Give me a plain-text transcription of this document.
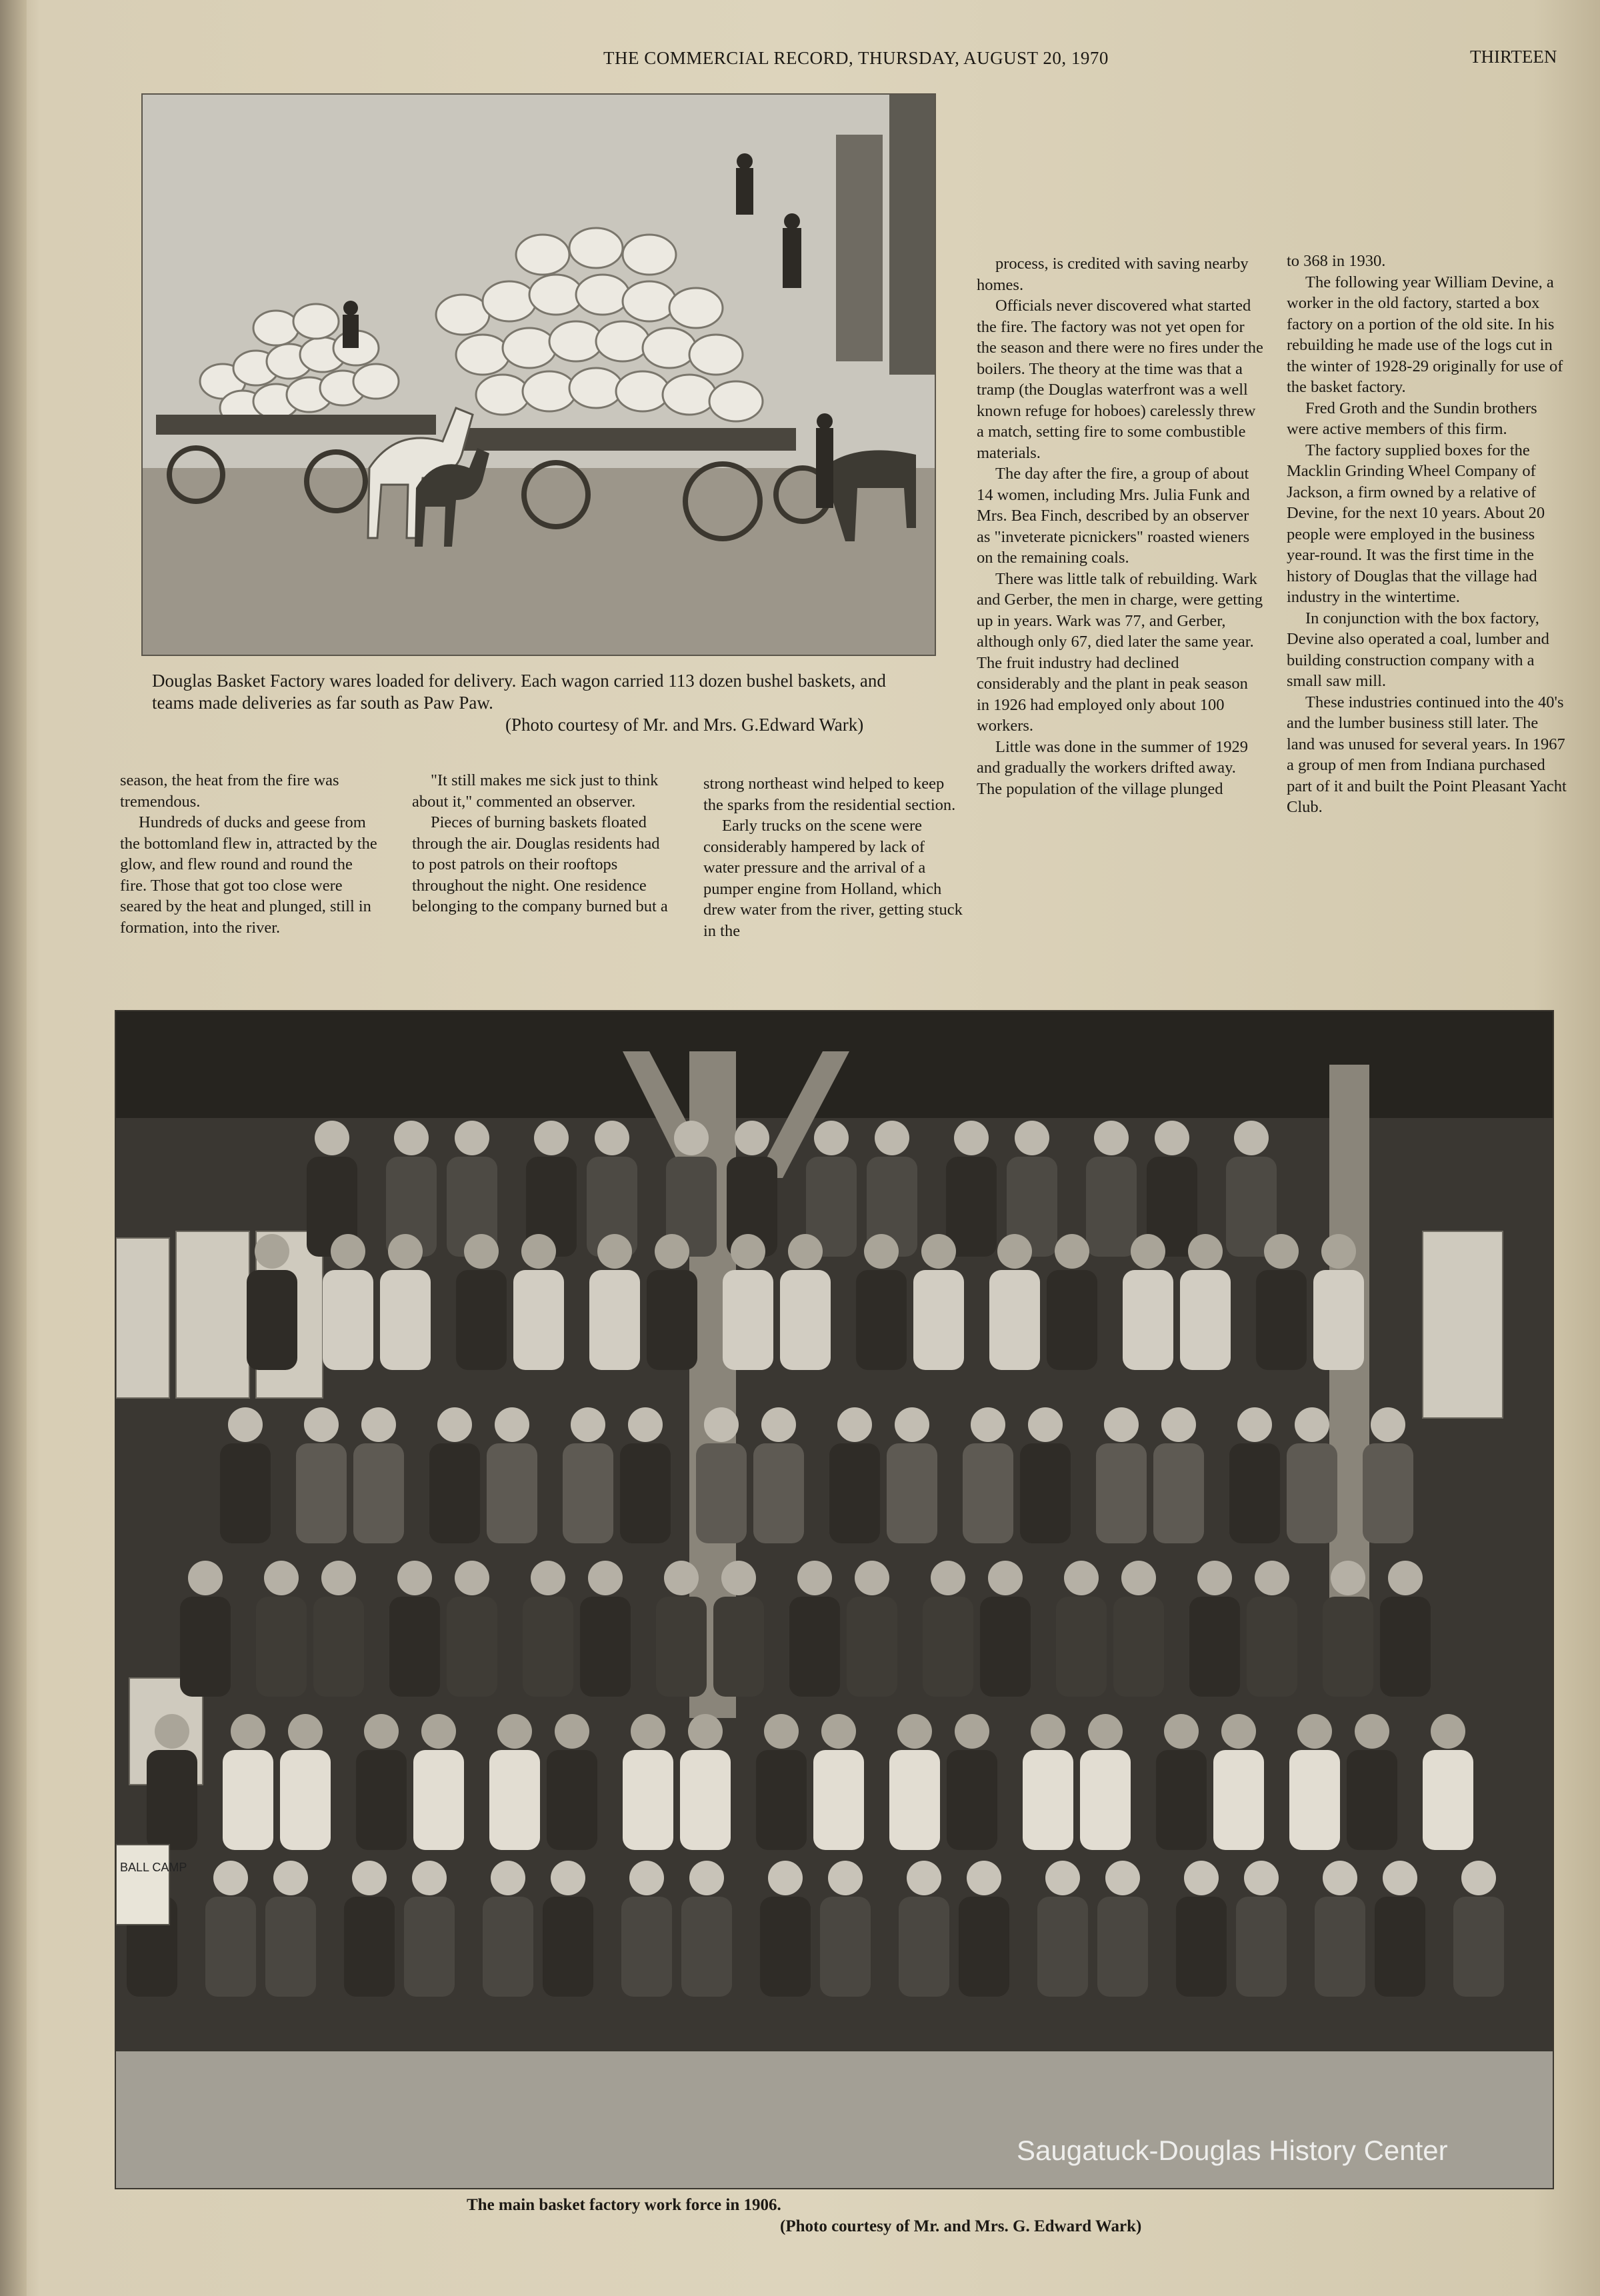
THE COMMERCIAL RECORD, THURSDAY, AUGUST 20, 1970	THIRTEEN
Douglas Basket Factory wares loaded for delivery. Each wagon carried 113 dozen bushel baskets, and teams made deliveries as far south as Paw Paw.
(Photo courtesy of Mr. and Mrs. G.Edward Wark)

season, the heat from the fire was tremendous.

Hundreds of ducks and geese from the bottomland flew in, attracted by the glow, and flew round and round the fire. Those that got too close were seared by the heat and plunged, still in formation, into the river.

"It still makes me sick just to think about it," commented an observer.

Pieces of burning baskets floated through the air. Douglas residents had to post patrols on their rooftops throughout the night. One residence belonging to the company burned but a

strong northeast wind helped to keep the sparks from the residential section.

Early trucks on the scene were considerably hampered by lack of water pressure and the arrival of a pumper engine from Holland, which drew water from the river, getting stuck in the

process, is credited with saving nearby homes.

Officials never discovered what started the fire. The factory was not yet open for the season and there were no fires under the boilers. The theory at the time was that a tramp (the Douglas waterfront was a well known refuge for hoboes) carelessly threw a match, setting fire to some combustible materials.

The day after the fire, a group of about 14 women, including Mrs. Julia Funk and Mrs. Bea Finch, described by an observer as "inveterate picnickers" roasted wieners on the remaining coals.

There was little talk of rebuilding. Wark and Gerber, the men in charge, were getting up in years. Wark was 77, and Gerber, although only 67, died later the same year. The fruit industry had declined considerably and the plant in peak season in 1926 had employed only about 100 workers.

Little was done in the summer of 1929 and gradually the workers drifted away. The population of the village plunged

to 368 in 1930.

The following year William Devine, a worker in the old factory, started a box factory on a portion of the old site. In his rebuilding he made use of the logs cut in the winter of 1928-29 originally for use of the basket factory.

Fred Groth and the Sundin brothers were active members of this firm.

The factory supplied boxes for the Macklin Grinding Wheel Company of Jackson, a firm owned by a relative of Devine, for the next 10 years. About 20 people were employed in the business year-round. It was the first time in the history of Douglas that the village had industry in the wintertime.

In conjunction with the box factory, Devine also operated a coal, lumber and building construction company with a small saw mill.

These industries continued into the 40's and the lumber business still later. The land was unused for several years. In 1967 a group of men from Indiana purchased part of it and built the Point Pleasant Yacht Club.

BALL CAMP
Saugatuck-Douglas History Center
The main basket factory work force in 1906.
(Photo courtesy of Mr. and Mrs. G. Edward Wark)
